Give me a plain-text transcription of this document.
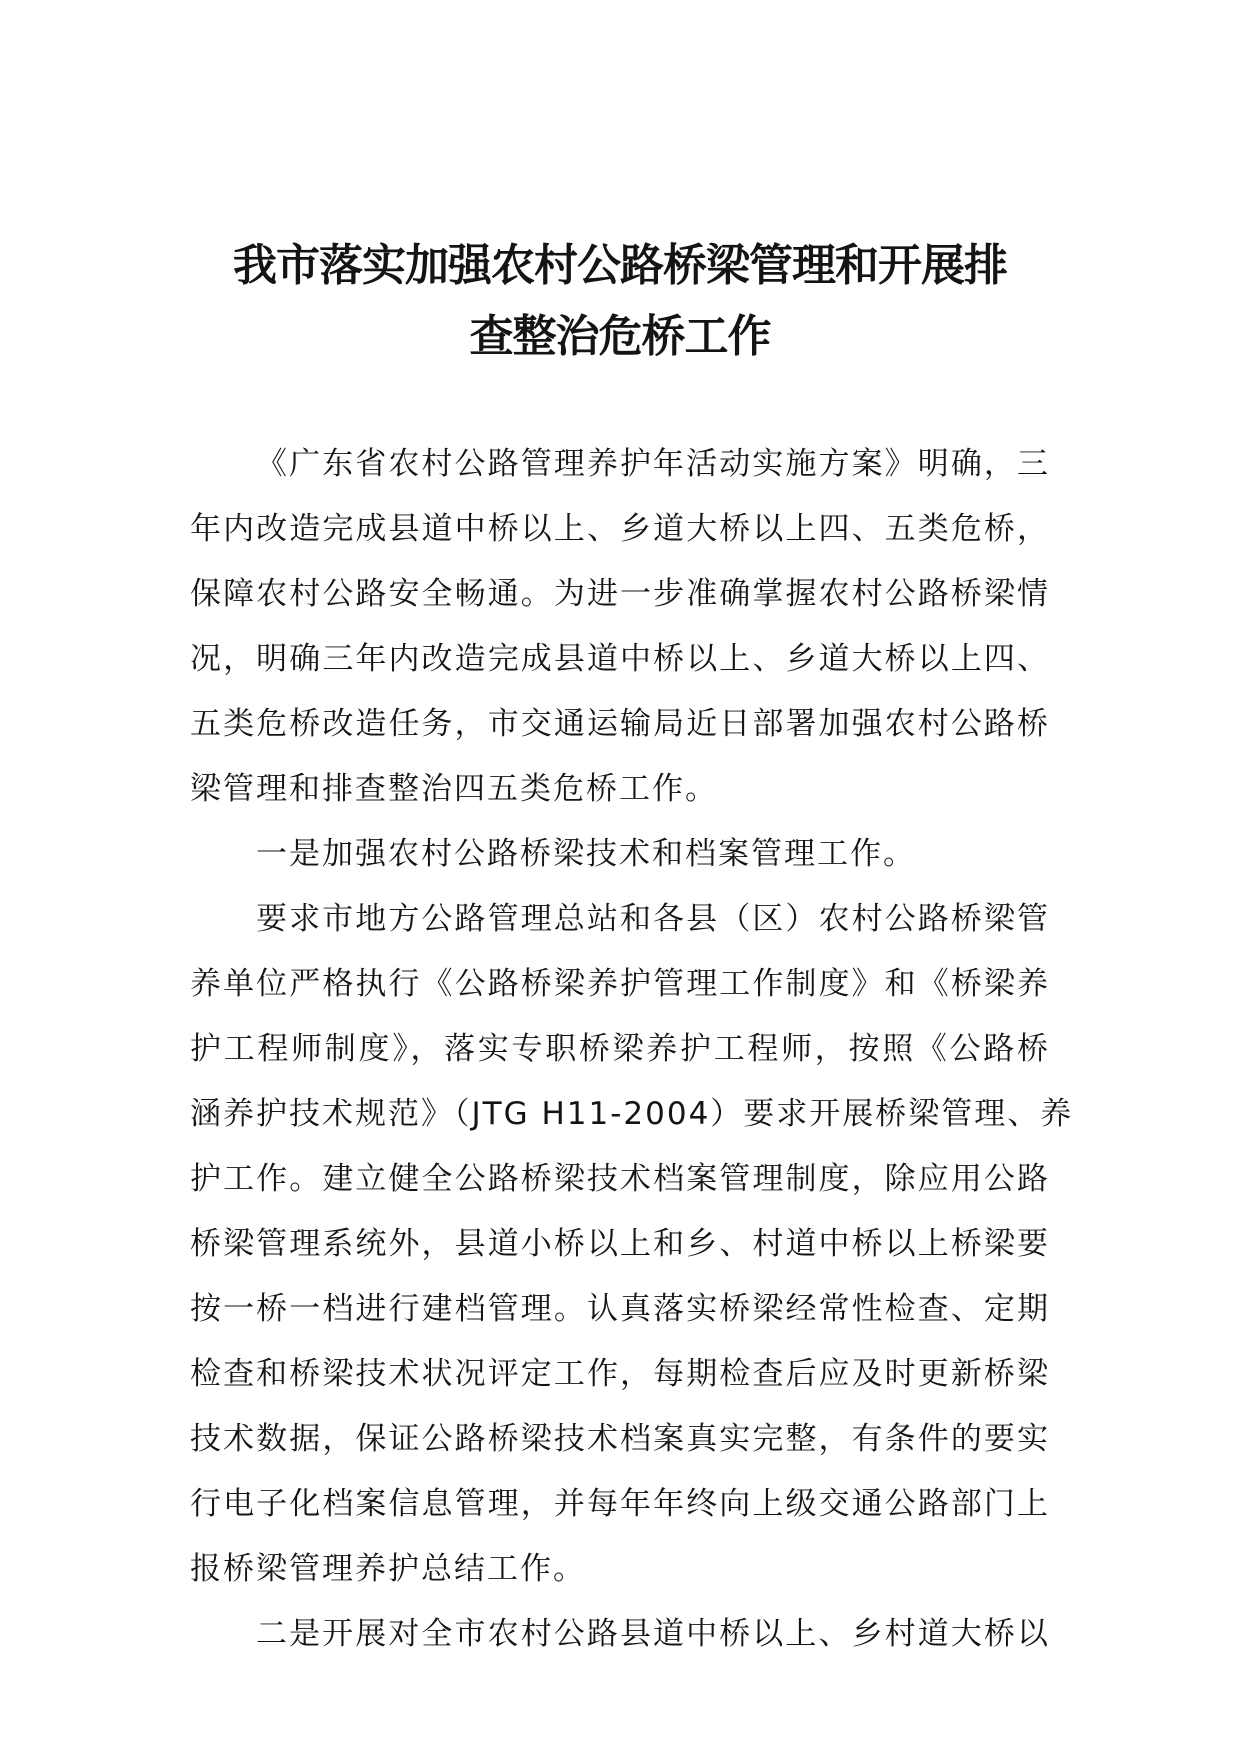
我市落实加强农村公路桥梁管理和开展排
查整治危桥工作
《广东省农村公路管理养护年活动实施方案》明确，三
年内改造完成县道中桥以上、乡道大桥以上四、五类危桥，
保障农村公路安全畅通。为进一步准确掌握农村公路桥梁情
况，明确三年内改造完成县道中桥以上、乡道大桥以上四、
五类危桥改造任务，市交通运输局近日部署加强农村公路桥
梁管理和排查整治四五类危桥工作。
一是加强农村公路桥梁技术和档案管理工作。
要求市地方公路管理总站和各县（区）农村公路桥梁管
养单位严格执行《公路桥梁养护管理工作制度》和《桥梁养
护工程师制度》，落实专职桥梁养护工程师，按照《公路桥
涵养护技术规范》（JTG H11-2004）要求开展桥梁管理、养
护工作。建立健全公路桥梁技术档案管理制度，除应用公路
桥梁管理系统外，县道小桥以上和乡、村道中桥以上桥梁要
按一桥一档进行建档管理。认真落实桥梁经常性检查、定期
检查和桥梁技术状况评定工作，每期检查后应及时更新桥梁
技术数据，保证公路桥梁技术档案真实完整，有条件的要实
行电子化档案信息管理，并每年年终向上级交通公路部门上
报桥梁管理养护总结工作。
二是开展对全市农村公路县道中桥以上、乡村道大桥以
